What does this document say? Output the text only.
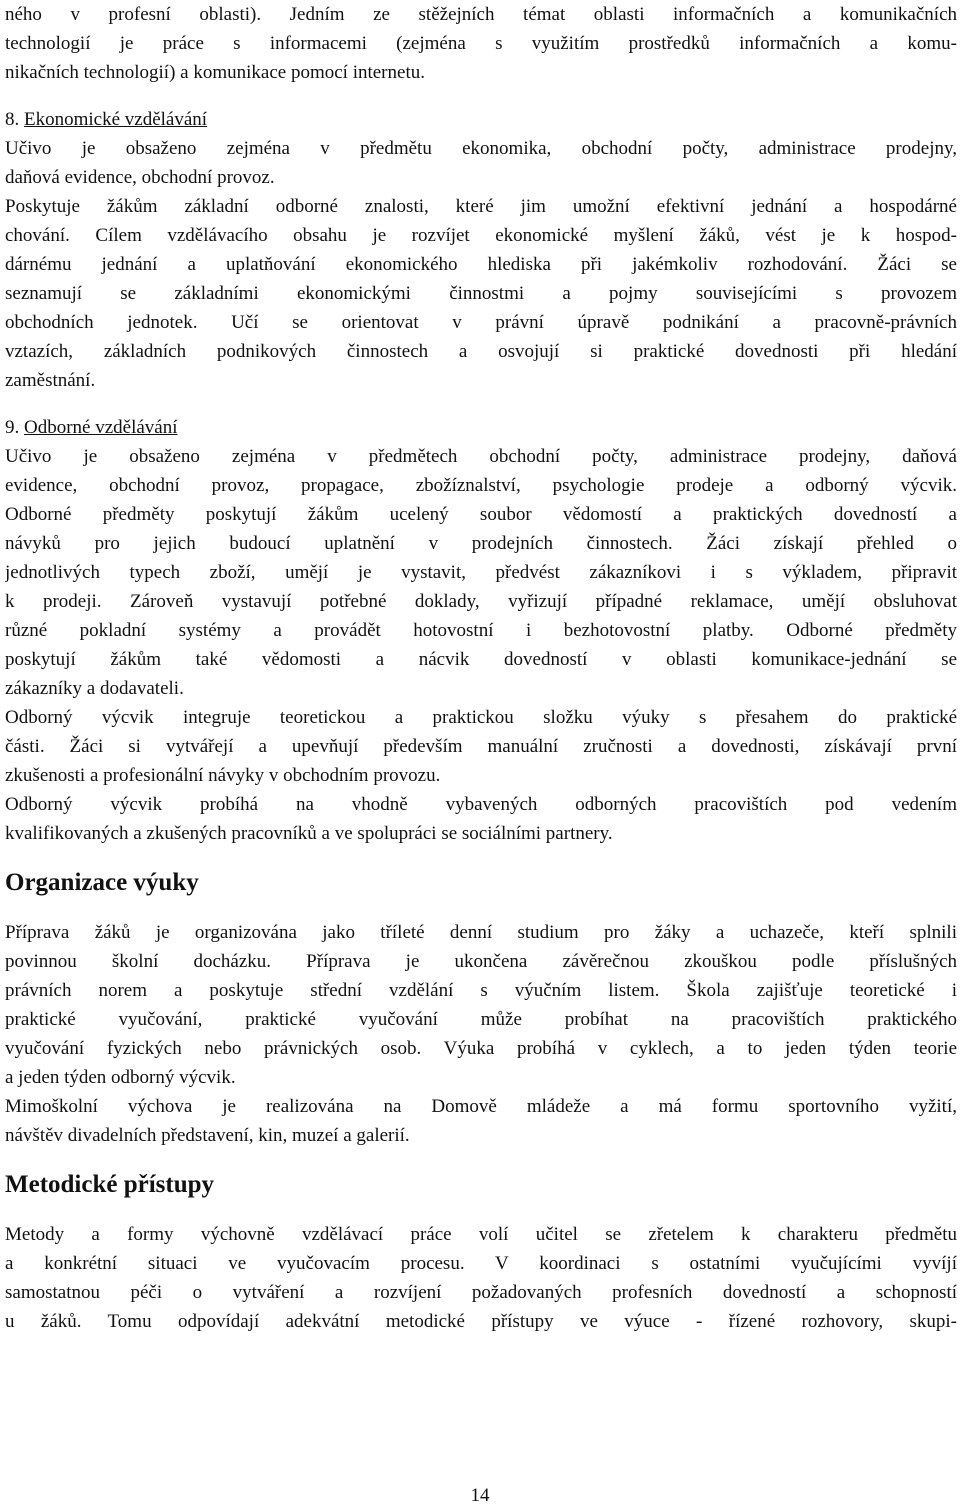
ného v profesní oblasti). Jedním ze stěžejních témat oblasti informačních a komunikačních
technologií je práce s informacemi (zejména s využitím prostředků informačních a komu-
nikačních technologií) a komunikace pomocí internetu.
8. Ekonomické vzdělávání
Učivo je obsaženo zejména v předmětu ekonomika, obchodní počty, administrace prodejny,
daňová evidence, obchodní provoz.
Poskytuje žákům základní odborné znalosti, které jim umožní efektivní jednání a hospodárné
chování. Cílem vzdělávacího obsahu je rozvíjet ekonomické myšlení žáků, vést je k hospod-
dárnému jednání a uplatňování ekonomického hlediska při jakémkoliv rozhodování. Žáci se
seznamují se základními ekonomickými činnostmi a pojmy souvisejícími s provozem
obchodních jednotek. Učí se orientovat v právní úpravě podnikání a pracovně-právních
vztazích, základních podnikových činnostech a osvojují si praktické dovednosti při hledání
zaměstnání.
9. Odborné vzdělávání
Učivo je obsaženo zejména v předmětech obchodní počty, administrace prodejny, daňová
evidence, obchodní provoz, propagace, zbožíznalství, psychologie prodeje a odborný výcvik.
Odborné předměty poskytují žákům ucelený soubor vědomostí a praktických dovedností a
návyků pro jejich budoucí uplatnění v prodejních činnostech. Žáci získají přehled o
jednotlivých typech zboží, umějí je vystavit, předvést zákazníkovi i s výkladem, připravit
k prodeji. Zároveň vystavují potřebné doklady, vyřizují případné reklamace, umějí obsluhovat
různé pokladní systémy a provádět hotovostní i bezhotovostní platby. Odborné předměty
poskytují žákům také vědomosti a nácvik dovedností v oblasti komunikace-jednání se
zákazníky a dodavateli.
Odborný výcvik integruje teoretickou a praktickou složku výuky s přesahem do praktické
části. Žáci si vytvářejí a upevňují především manuální zručnosti a dovednosti, získávají první
zkušenosti a profesionální návyky v obchodním provozu.
Odborný výcvik probíhá na vhodně vybavených odborných pracovištích pod vedením
kvalifikovaných a zkušených pracovníků a ve spolupráci se sociálními partnery.
Organizace výuky
Příprava žáků je organizována jako tříleté denní studium pro žáky a uchazeče, kteří splnili
povinnou školní docházku. Příprava je ukončena závěrečnou zkouškou podle příslušných
právních norem a poskytuje střední vzdělání s výučním listem. Škola zajišťuje teoretické i
praktické vyučování, praktické vyučování může probíhat na pracovištích praktického
vyučování fyzických nebo právnických osob. Výuka probíhá v cyklech, a to jeden týden teorie
a jeden týden odborný výcvik.
Mimoškolní výchova je realizována na Domově mládeže a má formu sportovního vyžití,
návštěv divadelních představení, kin, muzeí a galerií.
Metodické přístupy
Metody a formy výchovně vzdělávací práce volí učitel se zřetelem k charakteru předmětu
a konkrétní situaci ve vyučovacím procesu. V koordinaci s ostatními vyučujícími vyvíjí
samostatnou péči o vytváření a rozvíjení požadovaných profesních dovedností a schopností
u žáků. Tomu odpovídají adekvátní metodické přístupy ve výuce - řízené rozhovory, skupi-
14
